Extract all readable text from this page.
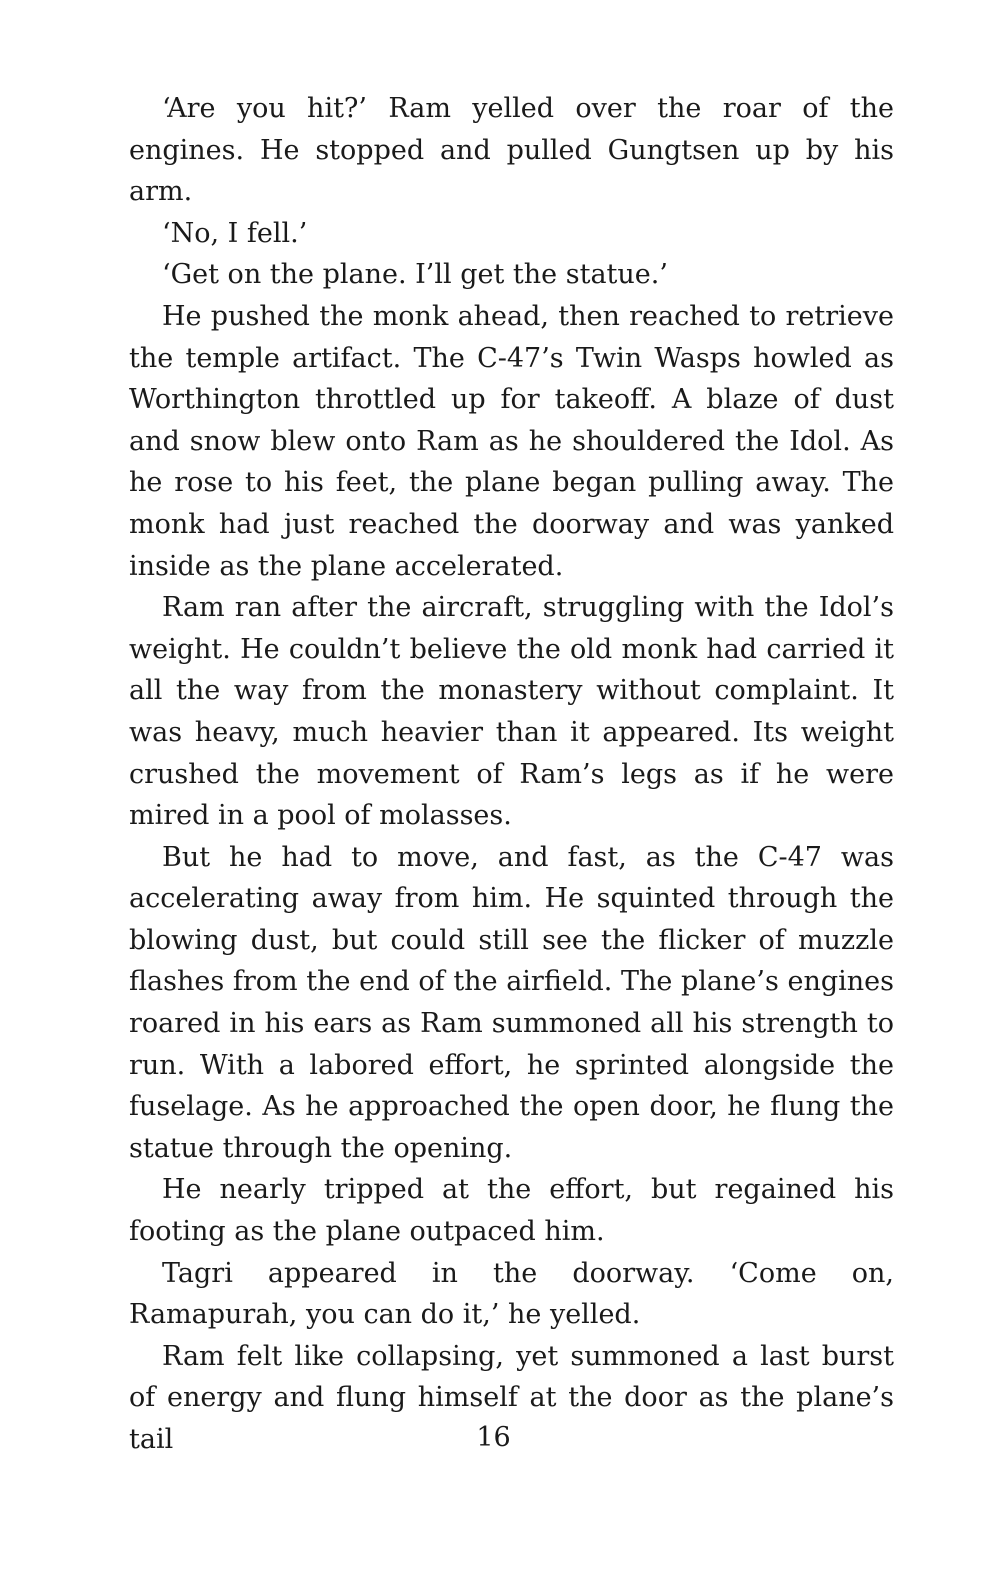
‘Are you hit?’ Ram yelled over the roar of the engines. He stopped and pulled Gungtsen up by his arm.

‘No, I fell.’

‘Get on the plane. I’ll get the statue.’

He pushed the monk ahead, then reached to retrieve the temple artifact. The C-47’s Twin Wasps howled as Worthington throttled up for takeoff. A blaze of dust and snow blew onto Ram as he shouldered the Idol. As he rose to his feet, the plane began pulling away. The monk had just reached the doorway and was yanked inside as the plane accelerated.

Ram ran after the aircraft, struggling with the Idol’s weight. He couldn’t believe the old monk had carried it all the way from the monastery without complaint. It was heavy, much heavier than it appeared. Its weight crushed the movement of Ram’s legs as if he were mired in a pool of molasses.

But he had to move, and fast, as the C-47 was accelerating away from him. He squinted through the blowing dust, but could still see the flicker of muzzle flashes from the end of the airfield. The plane’s engines roared in his ears as Ram summoned all his strength to run. With a labored effort, he sprinted alongside the fuselage. As he approached the open door, he flung the statue through the opening.

He nearly tripped at the effort, but regained his footing as the plane outpaced him.

Tagri appeared in the doorway. ‘Come on, Ramapurah, you can do it,’ he yelled.

Ram felt like collapsing, yet summoned a last burst of energy and flung himself at the door as the plane’s tail	16
